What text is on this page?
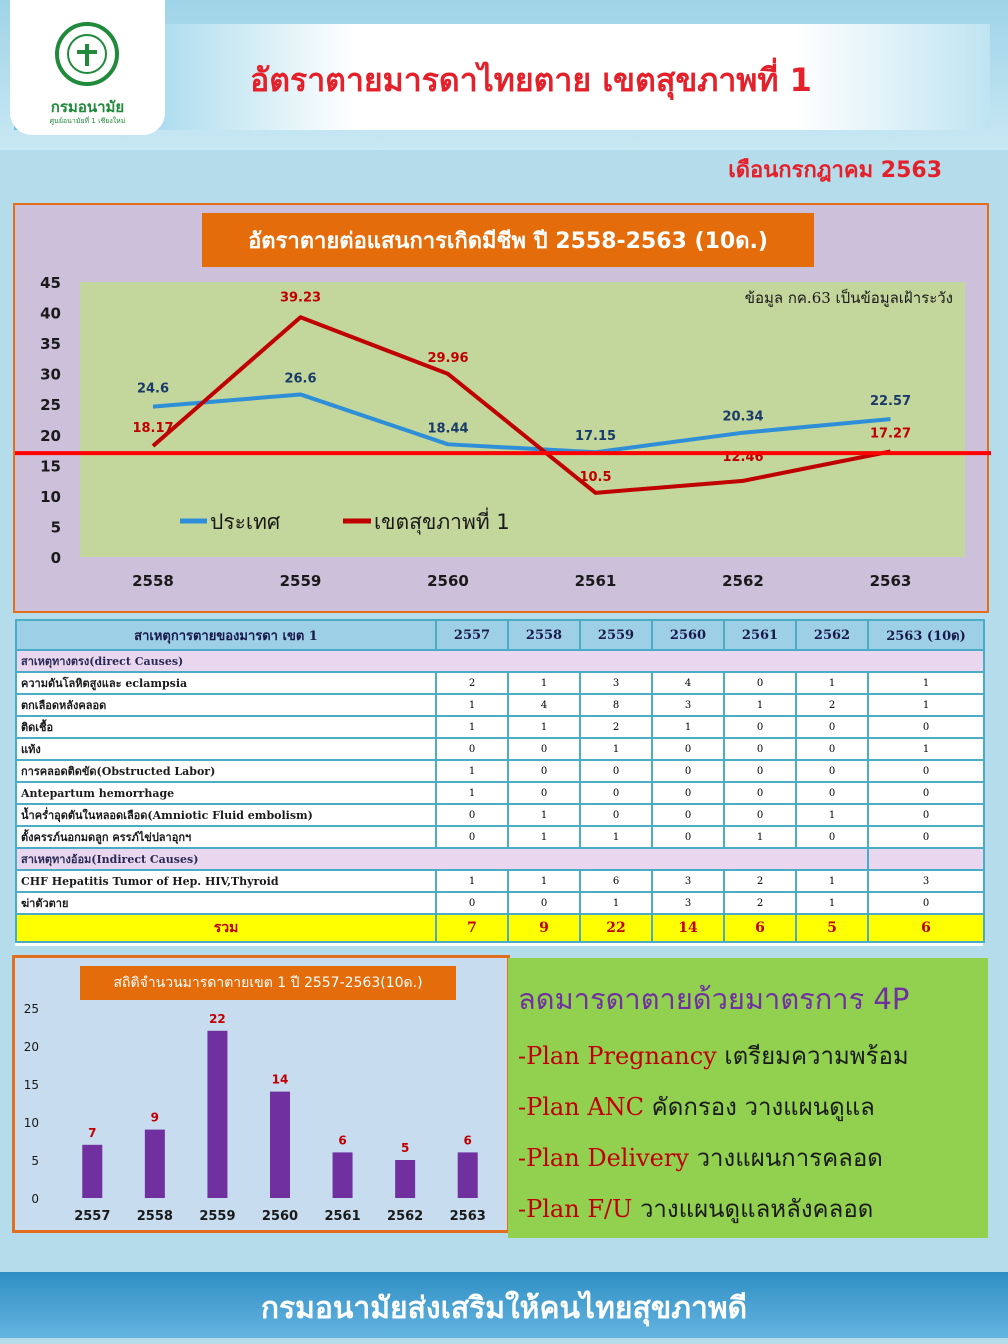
กรมอนามัย
ศูนย์อนามัยที่ 1 เชียงใหม่
อัตราตายมารดาไทยตาย เขตสุขภาพที่ 1
เดือนกรกฎาคม 2563
0
5
10
15
20
25
30
35
40
45
2558	2559	2560	2561	2562	2563
ข้อมูล กค.63 เป็นข้อมูลเฝ้าระวัง
24.6
26.6
18.44
17.15
20.34
22.57
18.17
39.23
29.96
10.5
12.46
17.27
ประเทศ	เขตสุขภาพที่ 1
อัตราตายต่อแสนการเกิดมีชีพ ปี 2558-2563 (10ด.)
สาเหตุการตายของมารดา เขต 1	2557	2558	2559	2560	2561	2562	2563 (10ด)
สาเหตุทางตรง(direct Causes)							
ความดันโลหิตสูงและ eclampsia	2	1	3	4	0	1	1
ตกเลือดหลังคลอด	1	4	8	3	1	2	1
ติดเชื้อ	1	1	2	1	0	0	0
แท้ง	0	0	1	0	0	0	1
การคลอดติดขัด(Obstructed Labor)	1	0	0	0	0	0	0
Antepartum hemorrhage	1	0	0	0	0	0	0
น้ำคร่ำอุดตันในหลอดเลือด(Amniotic Fluid embolism)	0	1	0	0	0	1	0
ตั้งครรภ์นอกมดลูก ครรภ์ไข่ปลาอุกฯ	0	1	1	0	1	0	0
สาเหตุทางอ้อม(Indirect Causes)							
CHF Hepatitis Tumor of Hep. HIV,Thyroid	1	1	6	3	2	1	3
ฆ่าตัวตาย	0	0	1	3	2	1	0
รวม	7	9	22	14	6	5	6
0
5
10
15
20
25
7
2557
9
2558
22
2559
14
2560
6
2561
5
2562
6
2563
สถิติจำนวนมารดาตายเขต 1 ปี 2557-2563(10ด.)	ลดมารดาตายด้วยมาตรการ 4P
-Plan Pregnancy เตรียมความพร้อม
-Plan ANC คัดกรอง วางแผนดูแล
-Plan Delivery วางแผนการคลอด
-Plan F/U วางแผนดูแลหลังคลอด
กรมอนามัยส่งเสริมให้คนไทยสุขภาพดี
